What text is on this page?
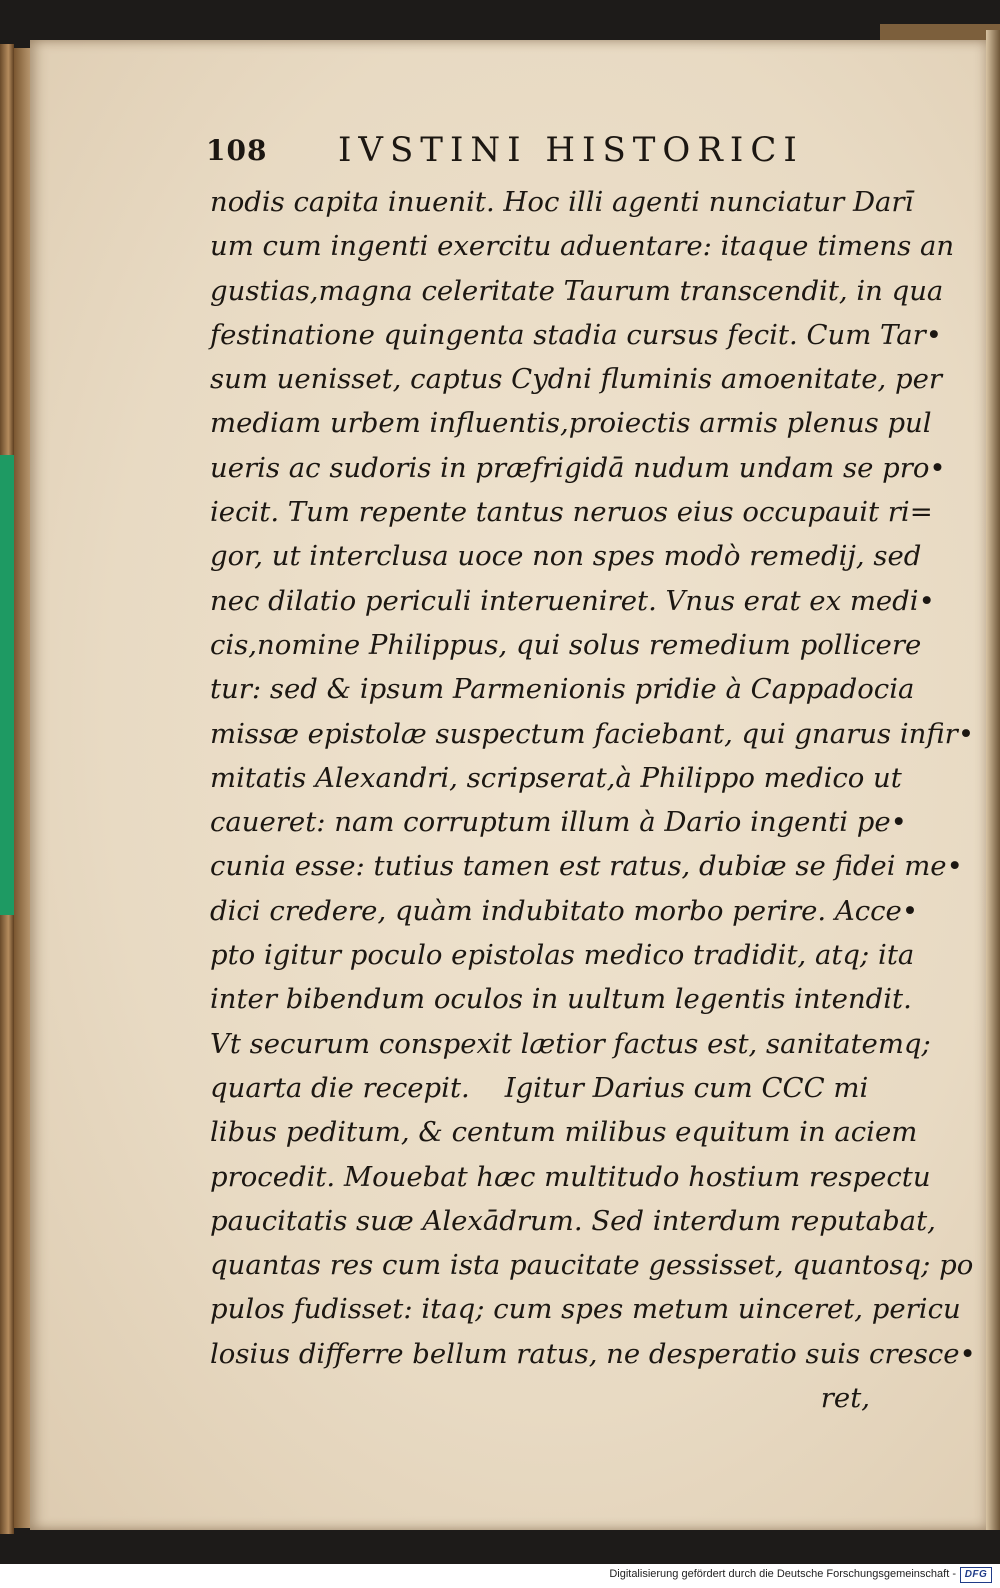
108 IVSTINI HISTORICI
nodis capita inuenit. Hoc illi agenti nunciatur Darī
um cum ingenti exercitu aduentare: itaque timens an
gustias,magna celeritate Taurum transcendit, in qua
festinatione quingenta stadia cursus fecit. Cum Tar•
sum uenisset, captus Cydni fluminis amoenitate, per
mediam urbem influentis,proiectis armis plenus pul
ueris ac sudoris in præfrigidā nudum undam se pro•
iecit. Tum repente tantus neruos eius occupauit ri=
gor, ut interclusa uoce non spes modò remedij, sed
nec dilatio periculi interueniret. Vnus erat ex medi•
cis,nomine Philippus, qui solus remedium pollicere
tur: sed & ipsum Parmenionis pridie à Cappadocia
missæ epistolæ suspectum faciebant, qui gnarus infir•
mitatis Alexandri, scripserat,à Philippo medico ut
caueret: nam corruptum illum à Dario ingenti pe•
cunia esse: tutius tamen est ratus, dubiæ se fidei me•
dici credere, quàm indubitato morbo perire. Acce•
pto igitur poculo epistolas medico tradidit, atq; ita
inter bibendum oculos in uultum legentis intendit.
Vt securum conspexit lætior factus est, sanitatemq;
quarta die recepit.    Igitur Darius cum CCC mi
libus peditum, & centum milibus equitum in aciem
procedit. Mouebat hæc multitudo hostium respectu
paucitatis suæ Alexādrum. Sed interdum reputabat,
quantas res cum ista paucitate gessisset, quantosq; po
pulos fudisset: itaq; cum spes metum uinceret, pericu
losius differre bellum ratus, ne desperatio suis cresce•
ret,
Digitalisierung gefördert durch die Deutsche Forschungsgemeinschaft - DFG
